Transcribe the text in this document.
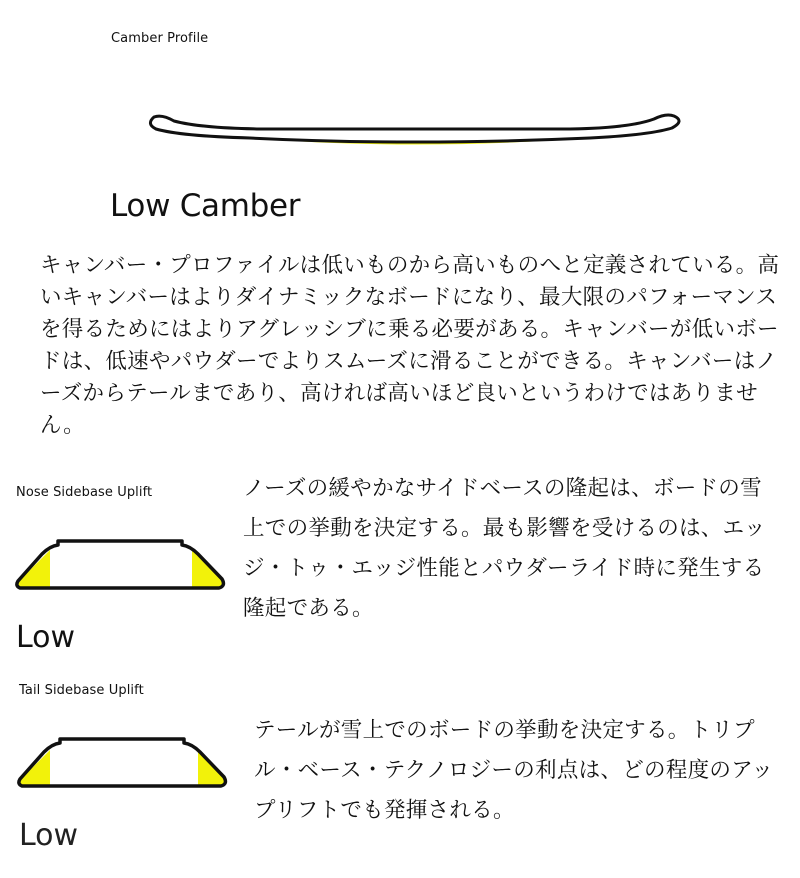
Camber Profile
Low Camber
キャンバー・プロファイルは低いものから高いものへと定義されている。高いキャンバーはよりダイナミックなボードになり、最大限のパフォーマンスを得るためにはよりアグレッシブに乗る必要がある。キャンバーが低いボードは、低速やパウダーでよりスムーズに滑ることができる。キャンバーはノーズからテールまであり、高ければ高いほど良いというわけではありません。
Nose Sidebase Uplift
Low
ノーズの緩やかなサイドベースの隆起は、ボードの雪上での挙動を決定する。最も影響を受けるのは、エッジ・トゥ・エッジ性能とパウダーライド時に発生する隆起である。
Tail Sidebase Uplift
Low
テールが雪上でのボードの挙動を決定する。トリプル・ベース・テクノロジーの利点は、どの程度のアップリフトでも発揮される。
